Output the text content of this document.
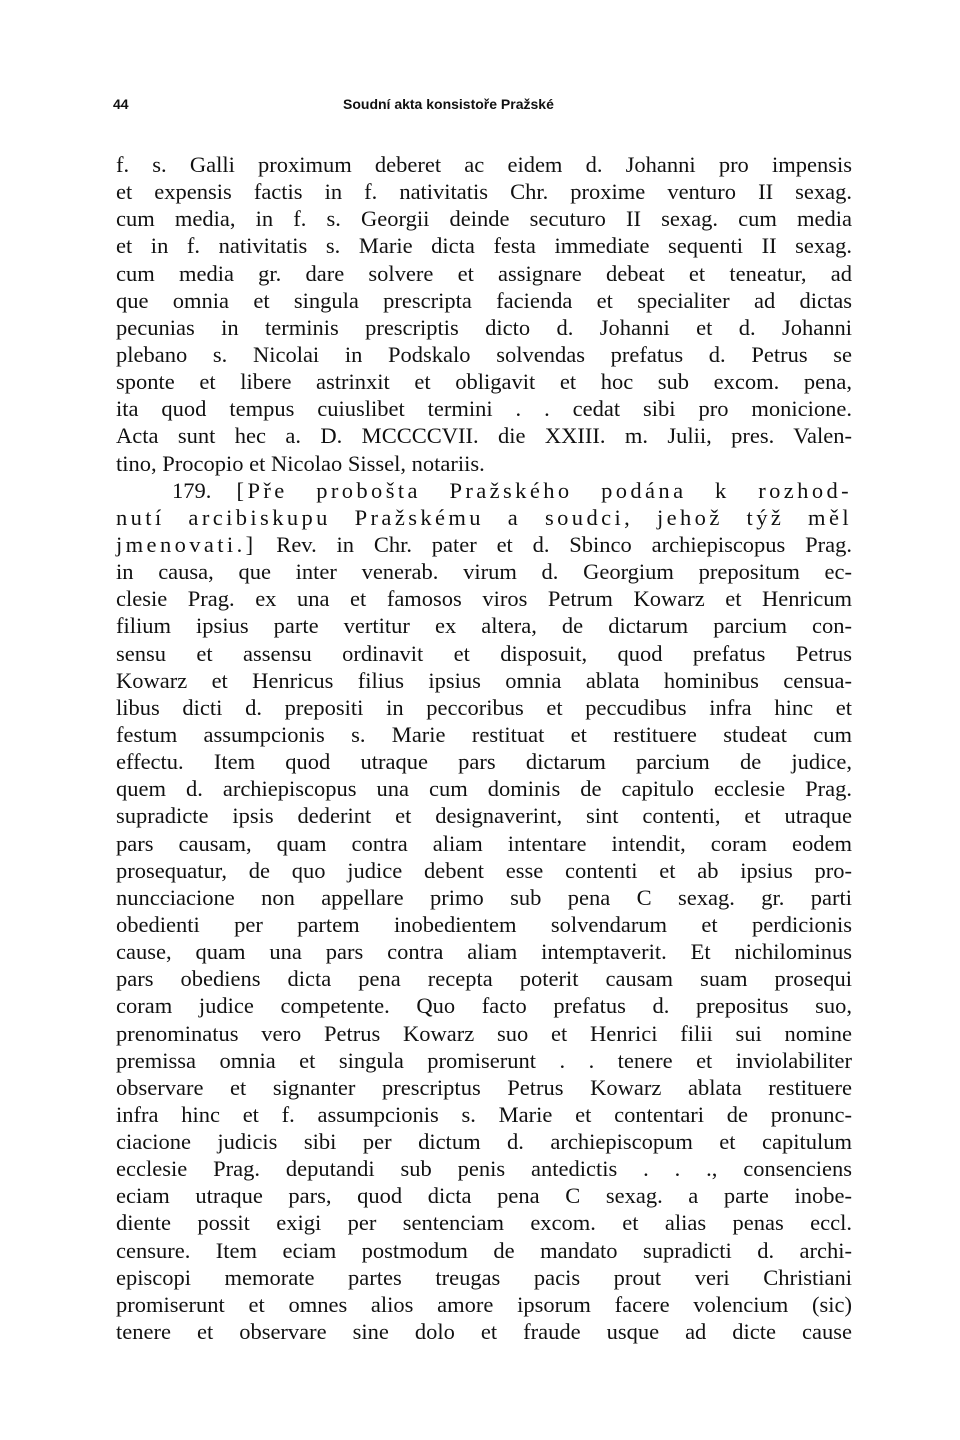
44	Soudní akta konsistoře Pražské
f. s. Galli proximum deberet ac eidem d. Johanni pro impensis
et expensis factis in f. nativitatis Chr. proxime venturo II sexag.
cum media, in f. s. Georgii deinde secuturo II sexag. cum media
et in f. nativitatis s. Marie dicta festa immediate sequenti II sexag.
cum media gr. dare solvere et assignare debeat et teneatur, ad
que omnia et singula prescripta facienda et specialiter ad dictas
pecunias in terminis prescriptis dicto d. Johanni et d. Johanni
plebano s. Nicolai in Podskalo solvendas prefatus d. Petrus se
sponte et libere astrinxit et obligavit et hoc sub excom. pena,
ita quod tempus cuiuslibet termini . . cedat sibi pro monicione.
Acta sunt hec a. D. MCCCCVII. die XXIII. m. Julii, pres. Valen-
tino, Procopio et Nicolao Sissel, notariis.
179. [Pře probošta Pražského podána k rozhod-
nutí arcibiskupu Pražskému a soudci, jehož týž měl
jmenovati.] Rev. in Chr. pater et d. Sbinco archiepiscopus Prag.
in causa, que inter venerab. virum d. Georgium prepositum ec-
clesie Prag. ex una et famosos viros Petrum Kowarz et Henricum
filium ipsius parte vertitur ex altera, de dictarum parcium con-
sensu et assensu ordinavit et disposuit, quod prefatus Petrus
Kowarz et Henricus filius ipsius omnia ablata hominibus censua-
libus dicti d. prepositi in peccoribus et peccudibus infra hinc et
festum assumpcionis s. Marie restituat et restituere studeat cum
effectu. Item quod utraque pars dictarum parcium de judice,
quem d. archiepiscopus una cum dominis de capitulo ecclesie Prag.
supradicte ipsis dederint et designaverint, sint contenti, et utraque
pars causam, quam contra aliam intentare intendit, coram eodem
prosequatur, de quo judice debent esse contenti et ab ipsius pro-
nuncciacione non appellare primo sub pena C sexag. gr. parti
obedienti per partem inobedientem solvendarum et perdicionis
cause, quam una pars contra aliam intemptaverit. Et nichilominus
pars obediens dicta pena recepta poterit causam suam prosequi
coram judice competente. Quo facto prefatus d. prepositus suo,
prenominatus vero Petrus Kowarz suo et Henrici filii sui nomine
premissa omnia et singula promiserunt . . tenere et inviolabiliter
observare et signanter prescriptus Petrus Kowarz ablata restituere
infra hinc et f. assumpcionis s. Marie et contentari de pronunc-
ciacione judicis sibi per dictum d. archiepiscopum et capitulum
ecclesie Prag. deputandi sub penis antedictis . . ., consenciens
eciam utraque pars, quod dicta pena C sexag. a parte inobe-
diente possit exigi per sentenciam excom. et alias penas eccl.
censure. Item eciam postmodum de mandato supradicti d. archi-
episcopi memorate partes treugas pacis prout veri Christiani
promiserunt et omnes alios amore ipsorum facere volencium (sic)
tenere et observare sine dolo et fraude usque ad dicte cause
